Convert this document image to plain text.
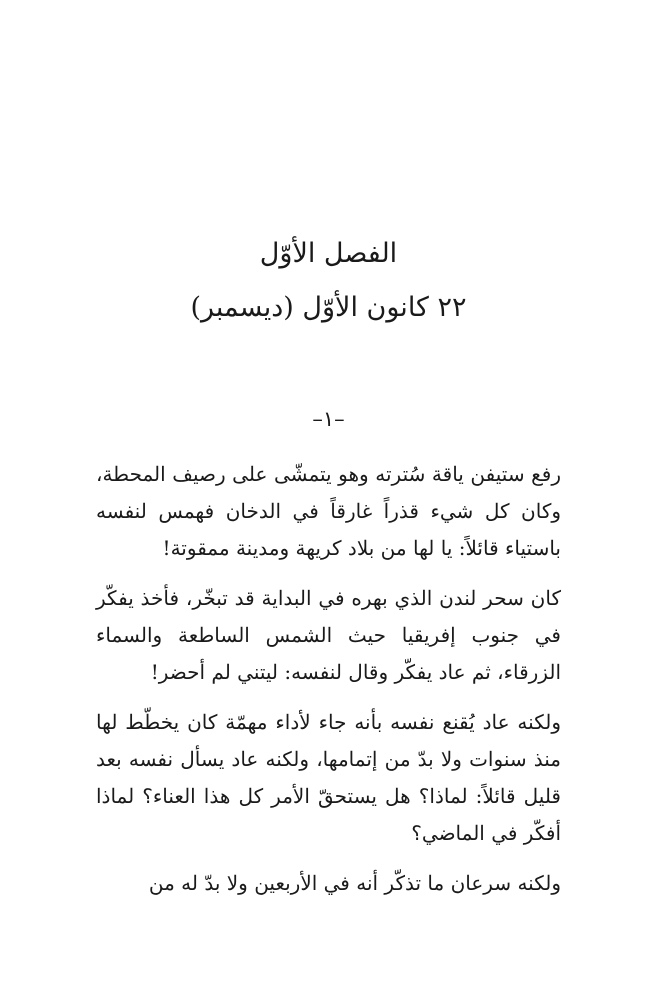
الفصل الأوّل
٢٢ كانون الأوّل (ديسمبر)
–١–

رفع ستيفن ياقة سُترته وهو يتمشّى على رصيف المحطة، وكان كل شيء قذراً غارقاً في الدخان فهمس لنفسه باستياء قائلاً: يا لها من بلاد كريهة ومدينة ممقوتة!

كان سحر لندن الذي بهره في البداية قد تبخّر، فأخذ يفكّر في جنوب إفريقيا حيث الشمس الساطعة والسماء الزرقاء، ثم عاد يفكّر وقال لنفسه: ليتني لم أحضر!

ولكنه عاد يُقنع نفسه بأنه جاء لأداء مهمّة كان يخطّط لها منذ سنوات ولا بدّ من إتمامها، ولكنه عاد يسأل نفسه بعد قليل قائلاً: لماذا؟ هل يستحقّ الأمر كل هذا العناء؟ لماذا أفكّر في الماضي؟

ولكنه سرعان ما تذكّر أنه في الأربعين ولا بدّ له من
